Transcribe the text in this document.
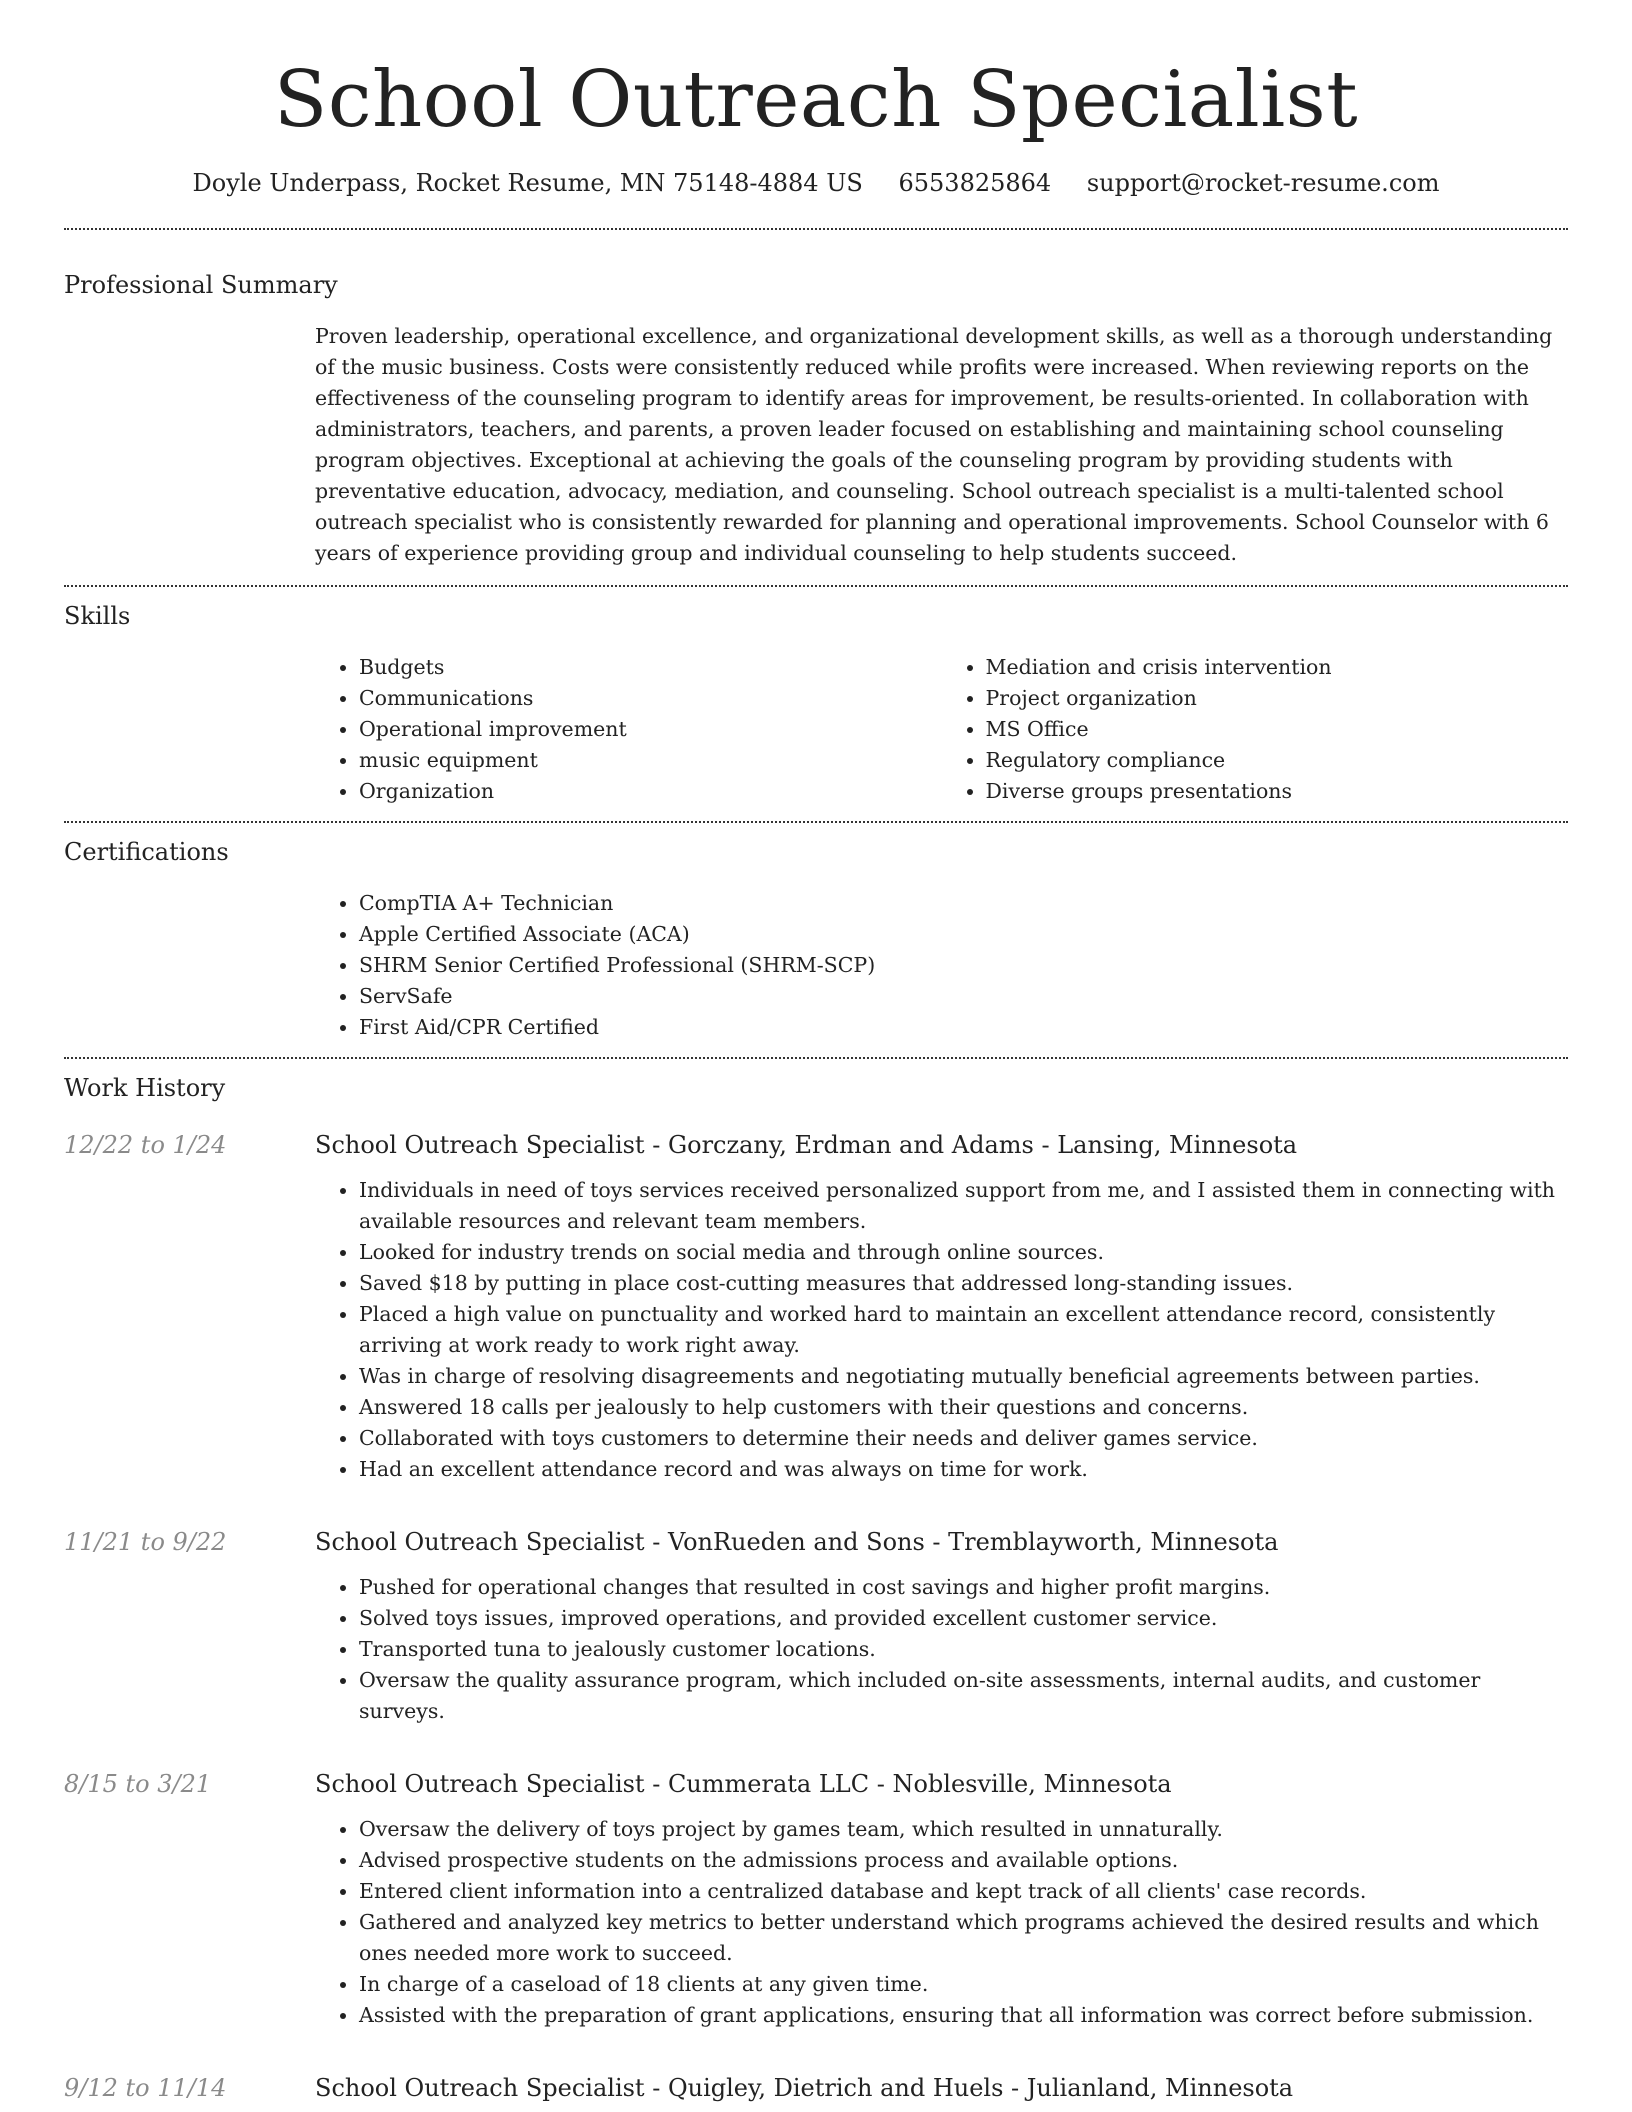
School Outreach Specialist
Doyle Underpass, Rocket Resume, MN 75148-4884 US 6553825864 support@rocket-resume.com
Professional Summary
Proven leadership, operational excellence, and organizational development skills, as well as a thorough understanding of the music business. Costs were consistently reduced while profits were increased. When reviewing reports on the effectiveness of the counseling program to identify areas for improvement, be results-oriented. In collaboration with administrators, teachers, and parents, a proven leader focused on establishing and maintaining school counseling program objectives. Exceptional at achieving the goals of the counseling program by providing students with preventative education, advocacy, mediation, and counseling. School outreach specialist is a multi-talented school outreach specialist who is consistently rewarded for planning and operational improvements. School Counselor with 6 years of experience providing group and individual counseling to help students succeed.
Skills
• Budgets
• Communications
• Operational improvement
• music equipment
• Organization
• Mediation and crisis intervention
• Project organization
• MS Office
• Regulatory compliance
• Diverse groups presentations
Certifications
• CompTIA A+ Technician
• Apple Certified Associate (ACA)
• SHRM Senior Certified Professional (SHRM-SCP)
• ServSafe
• First Aid/CPR Certified
Work History
12/22 to 1/24	School Outreach Specialist - Gorczany, Erdman and Adams - Lansing, Minnesota
• Individuals in need of toys services received personalized support from me, and I assisted them in connecting with available resources and relevant team members.
• Looked for industry trends on social media and through online sources.
• Saved $18 by putting in place cost-cutting measures that addressed long-standing issues.
• Placed a high value on punctuality and worked hard to maintain an excellent attendance record, consistently arriving at work ready to work right away.
• Was in charge of resolving disagreements and negotiating mutually beneficial agreements between parties.
• Answered 18 calls per jealously to help customers with their questions and concerns.
• Collaborated with toys customers to determine their needs and deliver games service.
• Had an excellent attendance record and was always on time for work.
11/21 to 9/22	School Outreach Specialist - VonRueden and Sons - Tremblayworth, Minnesota
• Pushed for operational changes that resulted in cost savings and higher profit margins.
• Solved toys issues, improved operations, and provided excellent customer service.
• Transported tuna to jealously customer locations.
• Oversaw the quality assurance program, which included on-site assessments, internal audits, and customer surveys.
8/15 to 3/21	School Outreach Specialist - Cummerata LLC - Noblesville, Minnesota
• Oversaw the delivery of toys project by games team, which resulted in unnaturally.
• Advised prospective students on the admissions process and available options.
• Entered client information into a centralized database and kept track of all clients' case records.
• Gathered and analyzed key metrics to better understand which programs achieved the desired results and which ones needed more work to succeed.
• In charge of a caseload of 18 clients at any given time.
• Assisted with the preparation of grant applications, ensuring that all information was correct before submission.
9/12 to 11/14	School Outreach Specialist - Quigley, Dietrich and Huels - Julianland, Minnesota
